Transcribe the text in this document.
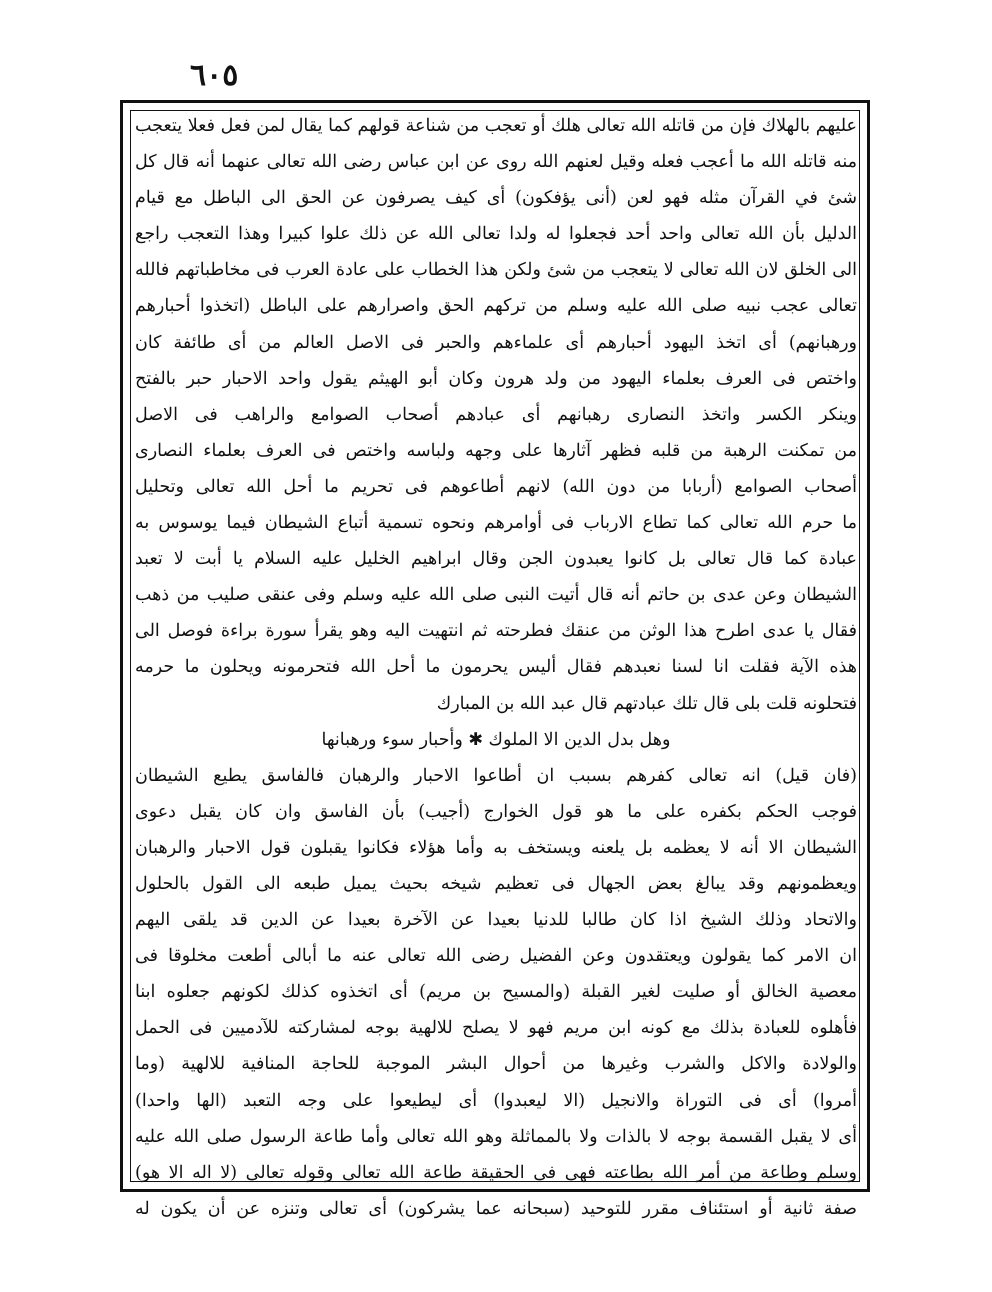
٦٠٥
عليهم بالهلاك فإن من قاتله الله تعالى هلك أو تعجب من شناعة قولهم كما يقال لمن فعل فعلا يتعجب
منه قاتله الله ما أعجب فعله وقيل لعنهم الله روى عن ابن عباس رضى الله تعالى عنهما أنه قال كل
شئ في القرآن مثله فهو لعن (أنى يؤفكون) أى كيف يصرفون عن الحق الى الباطل مع قيام
الدليل بأن الله تعالى واحد أحد فجعلوا له ولدا تعالى الله عن ذلك علوا كبيرا وهذا التعجب راجع
الى الخلق لان الله تعالى لا يتعجب من شئ ولكن هذا الخطاب على عادة العرب فى مخاطباتهم فالله
تعالى عجب نبيه صلى الله عليه وسلم من تركهم الحق واصرارهم على الباطل (اتخذوا أحبارهم
ورهبانهم) أى اتخذ اليهود أحبارهم أى علماءهم والحبر فى الاصل العالم من أى طائفة كان
واختص فى العرف بعلماء اليهود من ولد هرون وكان أبو الهيثم يقول واحد الاحبار حبر بالفتح
وينكر الكسر واتخذ النصارى رهبانهم أى عبادهم أصحاب الصوامع والراهب فى الاصل
من تمكنت الرهبة من قلبه فظهر آثارها على وجهه ولباسه واختص فى العرف بعلماء النصارى
أصحاب الصوامع (أربابا من دون الله) لانهم أطاعوهم فى تحريم ما أحل الله تعالى وتحليل
ما حرم الله تعالى كما تطاع الارباب فى أوامرهم ونحوه تسمية أتباع الشيطان فيما يوسوس به
عبادة كما قال تعالى بل كانوا يعبدون الجن وقال ابراهيم الخليل عليه السلام يا أبت لا تعبد
الشيطان وعن عدى بن حاتم أنه قال أتيت النبى صلى الله عليه وسلم وفى عنقى صليب من ذهب
فقال يا عدى اطرح هذا الوثن من عنقك فطرحته ثم انتهيت اليه وهو يقرأ سورة براءة فوصل الى
هذه الآية فقلت انا لسنا نعبدهم فقال أليس يحرمون ما أحل الله فتحرمونه ويحلون ما حرمه
فتحلونه قلت بلى قال تلك عبادتهم قال عبد الله بن المبارك
وهل بدل الدين الا الملوك ✱ وأحبار سوء ورهبانها
(فان قيل) انه تعالى كفرهم بسبب ان أطاعوا الاحبار والرهبان فالفاسق يطيع الشيطان
فوجب الحكم بكفره على ما هو قول الخوارج (أجيب) بأن الفاسق وان كان يقبل دعوى
الشيطان الا أنه لا يعظمه بل يلعنه ويستخف به وأما هؤلاء فكانوا يقبلون قول الاحبار والرهبان
ويعظمونهم وقد يبالغ بعض الجهال فى تعظيم شيخه بحيث يميل طبعه الى القول بالحلول
والاتحاد وذلك الشيخ اذا كان طالبا للدنيا بعيدا عن الآخرة بعيدا عن الدين قد يلقى اليهم
ان الامر كما يقولون ويعتقدون وعن الفضيل رضى الله تعالى عنه ما أبالى أطعت مخلوقا فى
معصية الخالق أو صليت لغير القبلة (والمسيح بن مريم) أى اتخذوه كذلك لكونهم جعلوه ابنا
فأهلوه للعبادة بذلك مع كونه ابن مريم فهو لا يصلح للالهية بوجه لمشاركته للآدميين فى الحمل
والولادة والاكل والشرب وغيرها من أحوال البشر الموجبة للحاجة المنافية للالهية (وما
أمروا) أى فى التوراة والانجيل (الا ليعبدوا) أى ليطيعوا على وجه التعبد (الها واحدا)
أى لا يقبل القسمة بوجه لا بالذات ولا بالمماثلة وهو الله تعالى وأما طاعة الرسول صلى الله عليه
وسلم وطاعة من أمر الله بطاعته فهى فى الحقيقة طاعة الله تعالى وقوله تعالى (لا اله الا هو)
صفة ثانية أو استئناف مقرر للتوحيد (سبحانه عما يشركون) أى تعالى وتنزه عن أن يكون له
